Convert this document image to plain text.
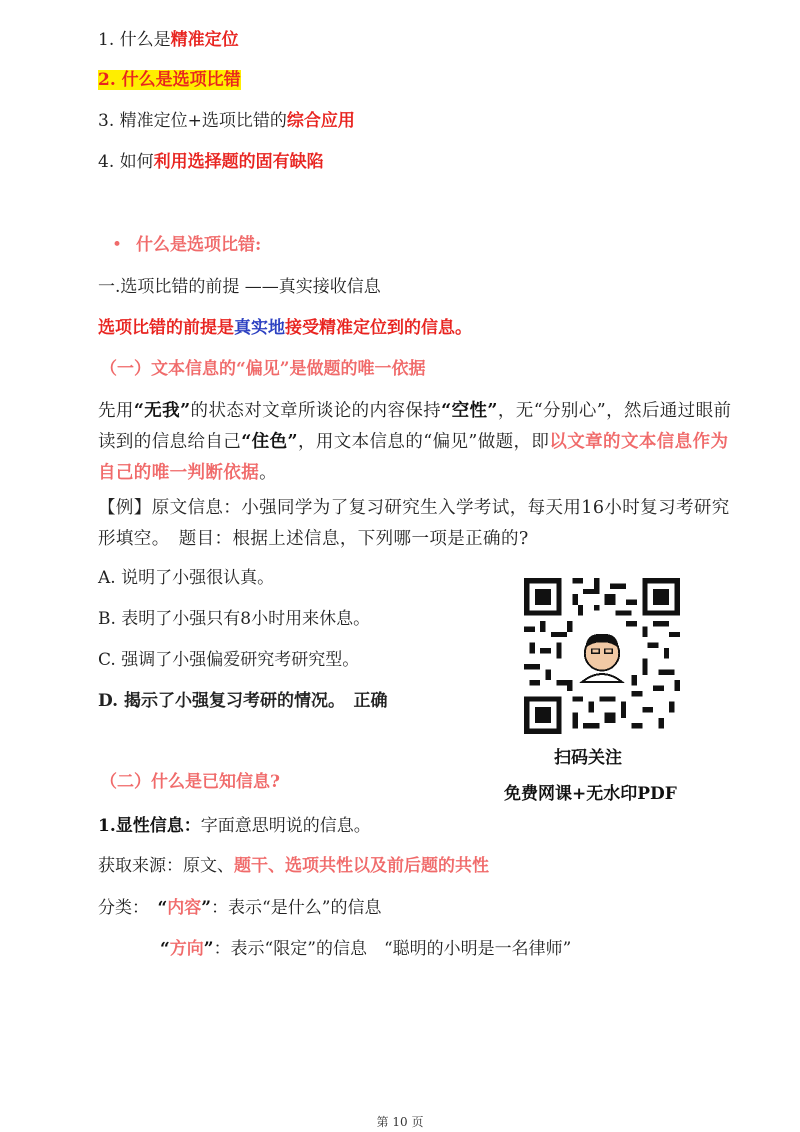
1. 什么是精准定位
2. 什么是选项比错
3. 精准定位+选项比错的综合应用
4. 如何利用选择题的固有缺陷
• 什么是选项比错:
一.选项比错的前提 ——真实接收信息
选项比错的前提是真实地接受精准定位到的信息。
（一）文本信息的“偏见”是做题的唯一依据
先用“无我”的状态对文章所谈论的内容保持“空性”，无“分别心”，然后通过眼前读到的信息给自己“住色”，用文本信息的“偏见”做题，即以文章的文本信息作为自己的唯一判断依据。
【例】原文信息：小强同学为了复习研究生入学考试，每天用16小时复习考研究形填空。　题目：根据上述信息，下列哪一项是正确的?
A. 说明了小强很认真。
B. 表明了小强只有8小时用来休息。
C. 强调了小强偏爱研究考研究型。
D. 揭示了小强复习考研的情况。　正确
扫码关注
免费网课+无水印PDF
（二）什么是已知信息?
1.显性信息：字面意思明说的信息。
获取来源：原文、题干、选项共性以及前后题的共性
分类：　“内容”：表示“是什么”的信息
“方向”：表示“限定”的信息　“聪明的小明是一名律师”
第 10 页
